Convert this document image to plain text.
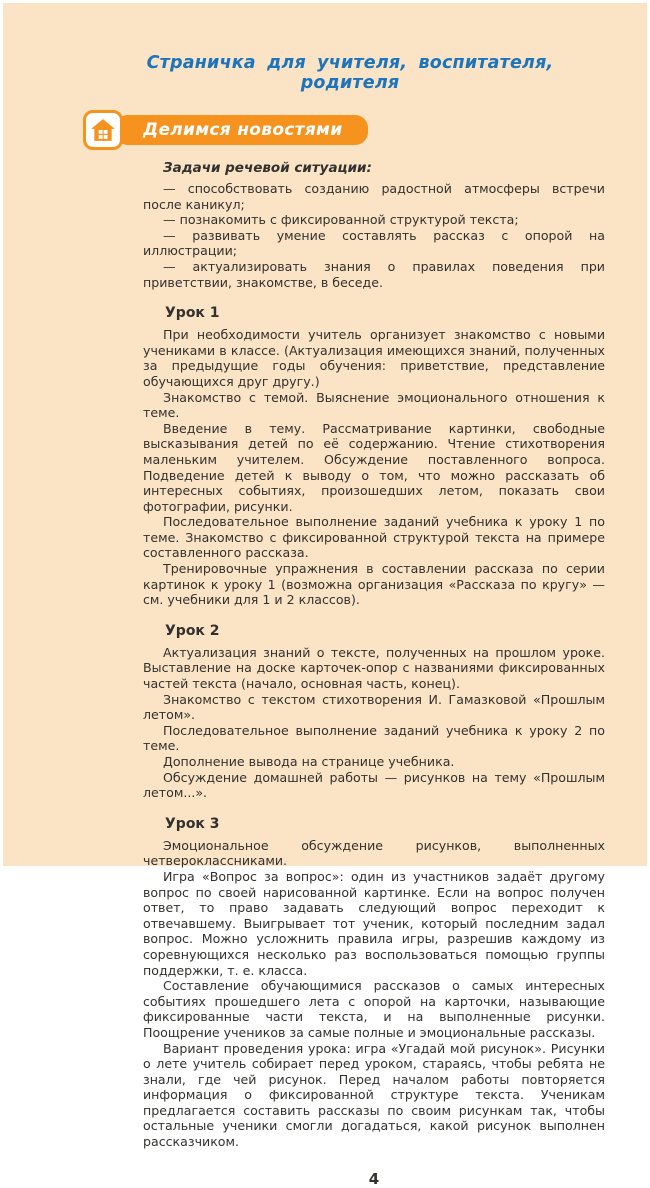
Страничка для учителя, воспитателя, родителя
Делимся новостями
Задачи речевой ситуации:

— способствовать созданию радостной атмосферы встречи после каникул;

— познакомить с фиксированной структурой текста;

— развивать умение составлять рассказ с опорой на иллюстрации;

— актуализировать знания о правилах поведения при приветствии, знакомстве, в беседе.

Урок 1

При необходимости учитель организует знакомство с новыми учениками в классе. (Актуализация имеющихся знаний, полученных за предыдущие годы обучения: приветствие, представление обучающихся друг другу.)

Знакомство с темой. Выяснение эмоционального отношения к теме.

Введение в тему. Рассматривание картинки, свободные высказывания детей по её содержанию. Чтение стихотворения маленьким учителем. Обсуждение поставленного вопроса. Подведение детей к выводу о том, что можно рассказать об интересных событиях, произошедших летом, показать свои фотографии, рисунки.

Последовательное выполнение заданий учебника к уроку 1 по теме. Знакомство с фиксированной структурой текста на примере составленного рассказа.

Тренировочные упражнения в составлении рассказа по серии картинок к уроку 1 (возможна организация «Рассказа по кругу» — см. учебники для 1 и 2 классов).

Урок 2

Актуализация знаний о тексте, полученных на прошлом уроке. Выставление на доске карточек-опор с названиями фиксированных частей текста (начало, основная часть, конец).

Знакомство с текстом стихотворения И. Гамазковой «Прошлым летом».

Последовательное выполнение заданий учебника к уроку 2 по теме.

Дополнение вывода на странице учебника.

Обсуждение домашней работы — рисунков на тему «Прошлым летом...».

Урок 3

Эмоциональное обсуждение рисунков, выполненных четвероклассниками.

Игра «Вопрос за вопрос»: один из участников задаёт другому вопрос по своей нарисованной картинке. Если на вопрос получен ответ, то право задавать следующий вопрос переходит к отвечавшему. Выигрывает тот ученик, который последним задал вопрос. Можно усложнить правила игры, разрешив каждому из соревнующихся несколько раз воспользоваться помощью группы поддержки, т. е. класса.

Составление обучающимися рассказов о самых интересных событиях прошедшего лета с опорой на карточки, называющие фиксированные части текста, и на выполненные рисунки. Поощрение учеников за самые полные и эмоциональные рассказы.

Вариант проведения урока: игра «Угадай мой рисунок». Рисунки о лете учитель собирает перед уроком, стараясь, чтобы ребята не знали, где чей рисунок. Перед началом работы повторяется информация о фиксированной структуре текста. Ученикам предлагается составить рассказы по своим рисункам так, чтобы остальные ученики смогли догадаться, какой рисунок выполнен рассказчиком.

4
